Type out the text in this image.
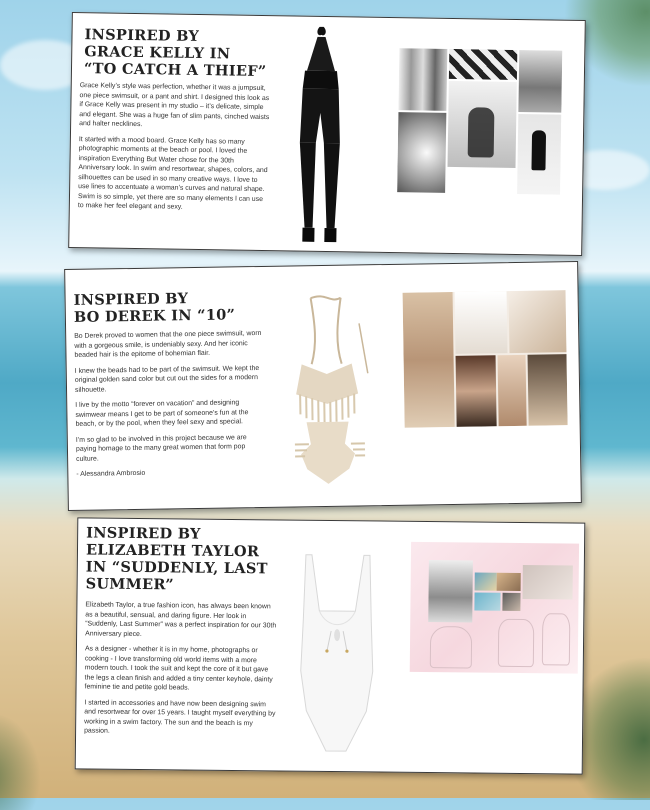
INSPIRED BY
GRACE KELLY IN
“TO CATCH A THIEF”

Grace Kelly’s style was perfection, whether it was a jumpsuit, one piece swimsuit, or a pant and shirt. I designed this look as if Grace Kelly was present in my studio – it’s delicate, simple and elegant. She was a huge fan of slim pants, cinched waists and halter necklines.

It started with a mood board. Grace Kelly has so many photographic moments at the beach or pool. I loved the inspiration Everything But Water chose for the 30th Anniversary look. In swim and resortwear, shapes, colors, and silhouettes can be used in so many creative ways. I love to use lines to accentuate a woman’s curves and natural shape. Swim is so simple, yet there are so many elements I can use to make her feel elegant and sexy.

INSPIRED BY
BO DEREK IN “10”

Bo Derek proved to women that the one piece swimsuit, worn with a gorgeous smile, is undeniably sexy. And her iconic beaded hair is the epitome of bohemian flair.

I knew the beads had to be part of the swimsuit. We kept the original golden sand color but cut out the sides for a modern silhouette.

I live by the motto “forever on vacation” and designing swimwear means I get to be part of someone’s fun at the beach, or by the pool, when they feel sexy and special.

I’m so glad to be involved in this project because we are paying homage to the many great women that form pop culture.

- Alessandra Ambrosio

INSPIRED BY
ELIZABETH TAYLOR
IN “SUDDENLY, LAST
SUMMER”

Elizabeth Taylor, a true fashion icon, has always been known as a beautiful, sensual, and daring figure. Her look in “Suddenly, Last Summer” was a perfect inspiration for our 30th Anniversary piece.

As a designer - whether it is in my home, photographs or cooking - I love transforming old world items with a more modern touch. I took the suit and kept the core of it but gave the legs a clean finish and added a tiny center keyhole, dainty feminine tie and petite gold beads.

I started in accessories and have now been designing swim and resortwear for over 15 years. I taught myself everything by working in a swim factory. The sun and the beach is my passion.
